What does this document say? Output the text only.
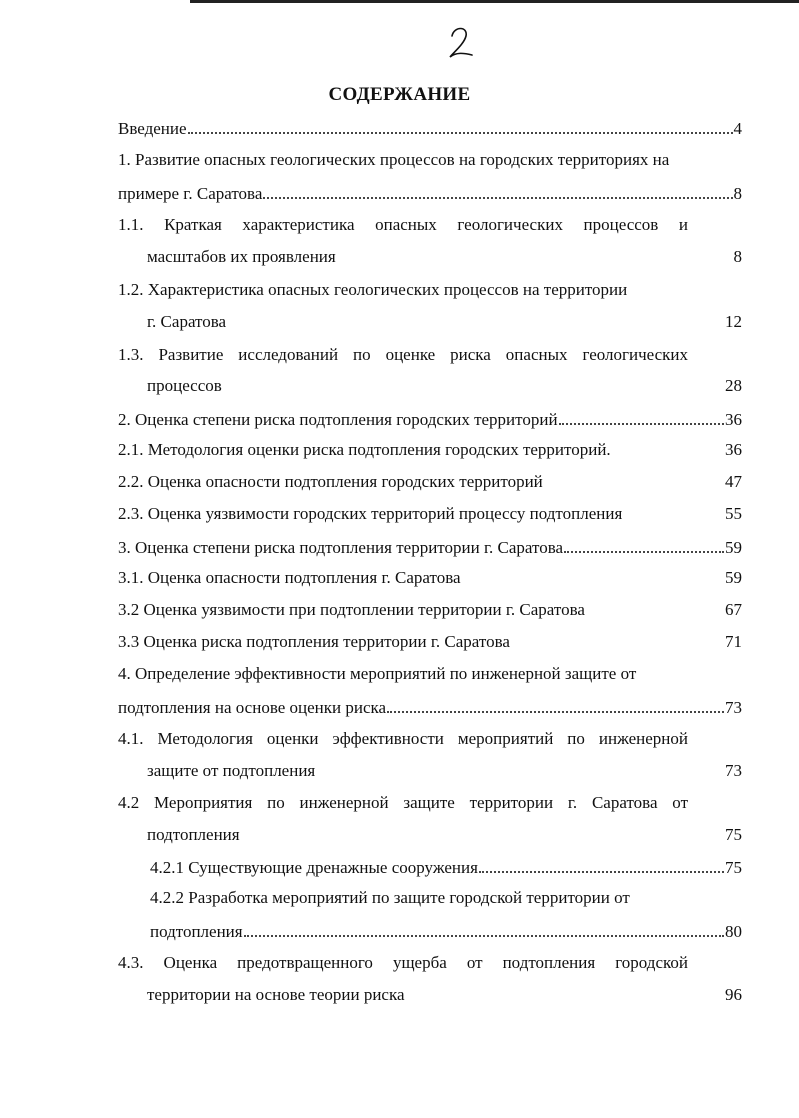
СОДЕРЖАНИЕ
Введение	4
1. Развитие опасных геологических процессов на городских территориях на
примере г. Саратова	8
1.1. Краткая характеристика опасных геологических процессов и
масштабов их проявления	8
1.2. Характеристика опасных геологических процессов на территории
г. Саратова	12
1.3. Развитие исследований по оценке риска опасных геологических
процессов	28
2. Оценка степени риска подтопления городских территорий	36
2.1. Методология оценки риска подтопления городских территорий.	36
2.2. Оценка опасности подтопления городских территорий	47
2.3. Оценка уязвимости городских территорий процессу подтопления	55
3. Оценка степени риска подтопления территории г. Саратова	59
3.1. Оценка опасности подтопления г. Саратова	59
3.2 Оценка уязвимости при подтоплении территории г. Саратова	67
3.3 Оценка риска подтопления территории г. Саратова	71
4. Определение эффективности мероприятий по инженерной защите от
подтопления на основе оценки риска	73
4.1. Методология оценки эффективности мероприятий по инженерной
защите от подтопления	73
4.2 Мероприятия по инженерной защите территории г. Саратова от
подтопления	75
4.2.1 Существующие дренажные сооружения	75
4.2.2 Разработка мероприятий по защите городской территории от
подтопления	80
4.3. Оценка предотвращенного ущерба от подтопления городской
территории на основе теории риска	96
